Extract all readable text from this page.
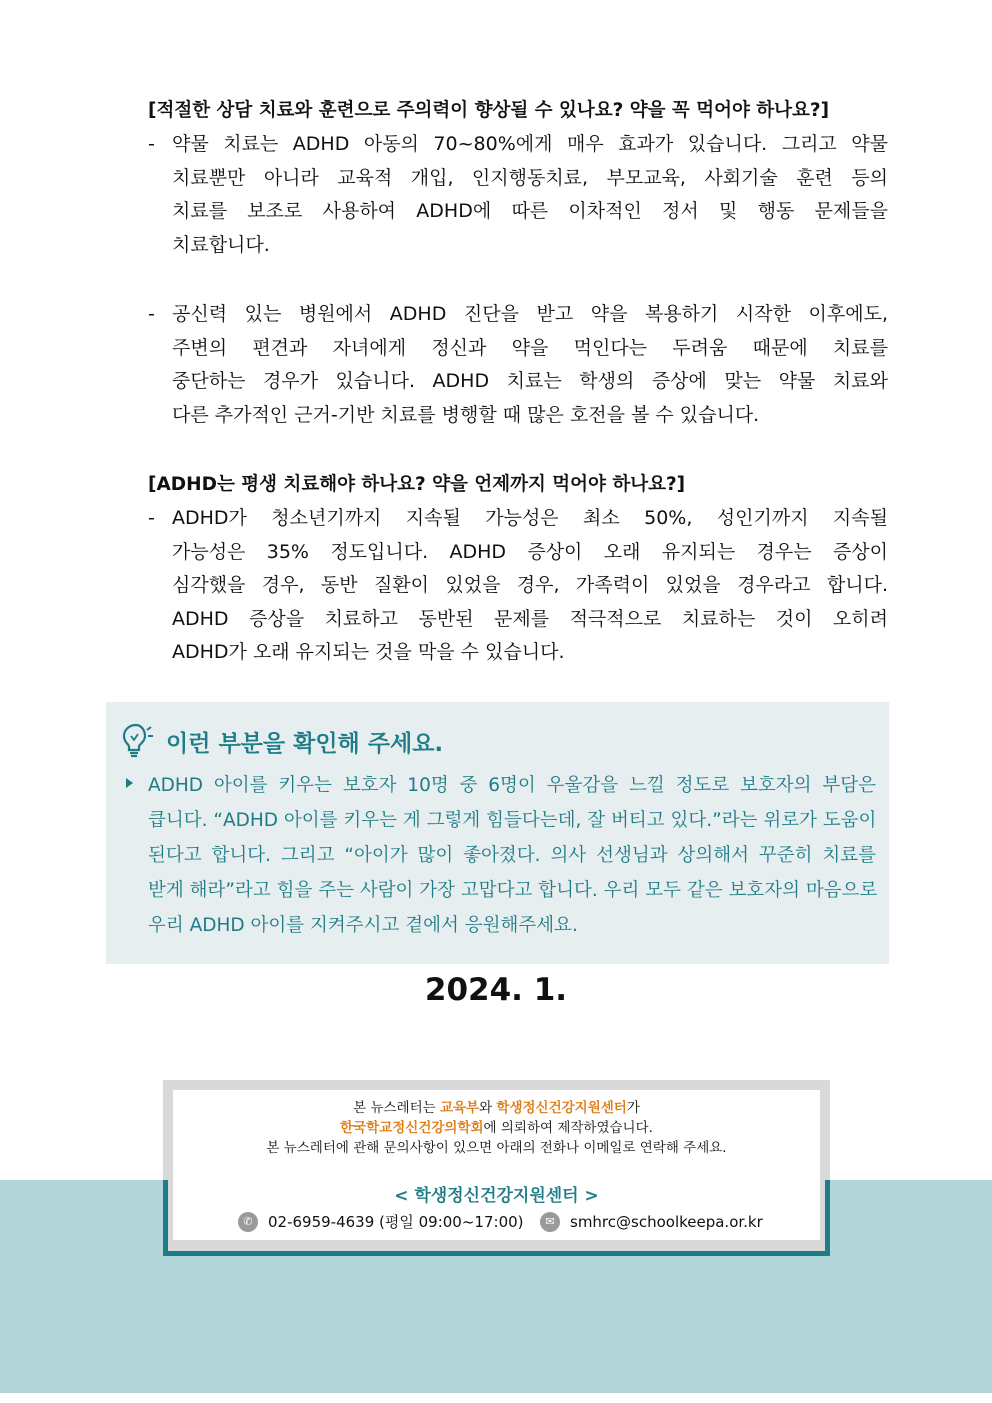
[적절한 상담 치료와 훈련으로 주의력이 향상될 수 있나요? 약을 꼭 먹어야 하나요?]
- 약물 치료는 ADHD 아동의 70~80%에게 매우 효과가 있습니다. 그리고 약물
치료뿐만 아니라 교육적 개입, 인지행동치료, 부모교육, 사회기술 훈련 등의
치료를 보조로 사용하여 ADHD에 따른 이차적인 정서 및 행동 문제들을
치료합니다.
- 공신력 있는 병원에서 ADHD 진단을 받고 약을 복용하기 시작한 이후에도,
주변의 편견과 자녀에게 정신과 약을 먹인다는 두려움 때문에 치료를
중단하는 경우가 있습니다. ADHD 치료는 학생의 증상에 맞는 약물 치료와
다른 추가적인 근거-기반 치료를 병행할 때 많은 호전을 볼 수 있습니다.
[ADHD는 평생 치료해야 하나요? 약을 언제까지 먹어야 하나요?]
- ADHD가 청소년기까지 지속될 가능성은 최소 50%, 성인기까지 지속될
가능성은 35% 정도입니다. ADHD 증상이 오래 유지되는 경우는 증상이
심각했을 경우, 동반 질환이 있었을 경우, 가족력이 있었을 경우라고 합니다.
ADHD 증상을 치료하고 동반된 문제를 적극적으로 치료하는 것이 오히려
ADHD가 오래 유지되는 것을 막을 수 있습니다.
이런 부분을 확인해 주세요.
ADHD 아이를 키우는 보호자 10명 중 6명이 우울감을 느낄 정도로 보호자의 부담은
큽니다. “ADHD 아이를 키우는 게 그렇게 힘들다는데, 잘 버티고 있다.”라는 위로가 도움이
된다고 합니다. 그리고 “아이가 많이 좋아졌다. 의사 선생님과 상의해서 꾸준히 치료를
받게 해라”라고 힘을 주는 사람이 가장 고맙다고 합니다. 우리 모두 같은 보호자의 마음으로
우리 ADHD 아이를 지켜주시고 곁에서 응원해주세요.
2024. 1.
본 뉴스레터는 교육부와 학생정신건강지원센터가
한국학교정신건강의학회에 의뢰하여 제작하였습니다.
본 뉴스레터에 관해 문의사항이 있으면 아래의 전화나 이메일로 연락해 주세요.
< 학생정신건강지원센터 >
✆	02-6959-4639 (평일 09:00~17:00)	✉	smhrc@schoolkeepa.or.kr
